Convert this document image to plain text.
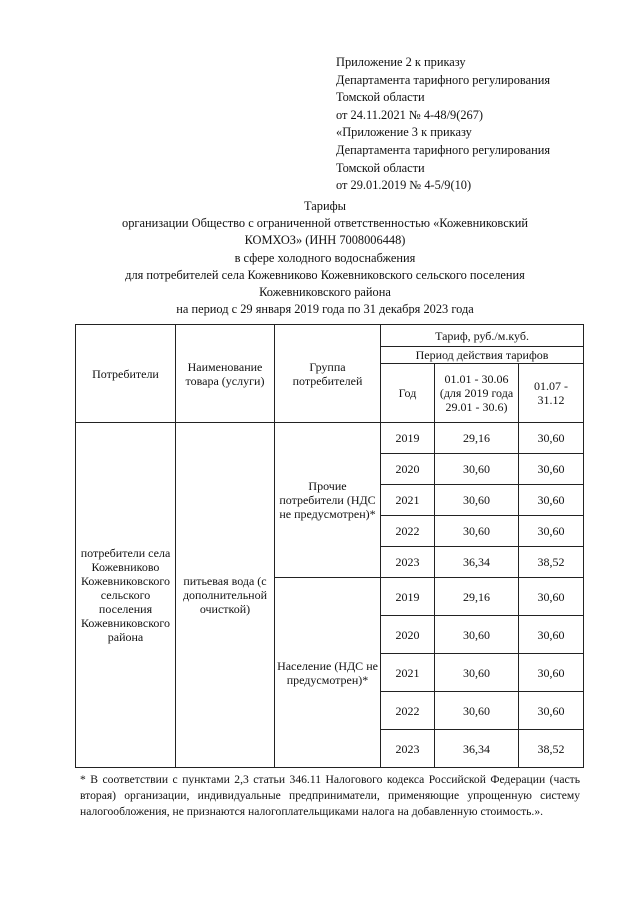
Приложение 2 к приказу
Департамента тарифного регулирования
Томской области
от 24.11.2021 № 4-48/9(267)
«Приложение 3 к приказу
Департамента тарифного регулирования
Томской области
от 29.01.2019 № 4-5/9(10)
Тарифы
организации Общество с ограниченной ответственностью «Кожевниковский
КОМХОЗ» (ИНН 7008006448)
в сфере холодного водоснабжения
для потребителей села Кожевниково Кожевниковского сельского поселения
Кожевниковского района
на период с 29 января 2019 года по 31 декабря 2023 года
Потребители	Наименование товара (услуги)	Группа потребителей	Тариф, руб./м.куб.		
			Период действия тарифов		
			Год	01.01 - 30.06 (для 2019 года 29.01 - 30.6)	01.07 - 31.12
потребители села Кожевниково Кожевниковского сельского поселения Кожевниковского района	питьевая вода (с дополнительной очисткой)	Прочие потребители (НДС не предусмотрен)*	2019	29,16	30,60
			2020	30,60	30,60
			2021	30,60	30,60
			2022	30,60	30,60
			2023	36,34	38,52
		Население (НДС не предусмотрен)*	2019	29,16	30,60
			2020	30,60	30,60
			2021	30,60	30,60
			2022	30,60	30,60
			2023	36,34	38,52
* В соответствии с пунктами 2,3 статьи 346.11 Налогового кодекса Российской Федерации (часть вторая) организации, индивидуальные предприниматели, применяющие упрощенную систему налогообложения, не признаются налогоплательщиками налога на добавленную стоимость.».
